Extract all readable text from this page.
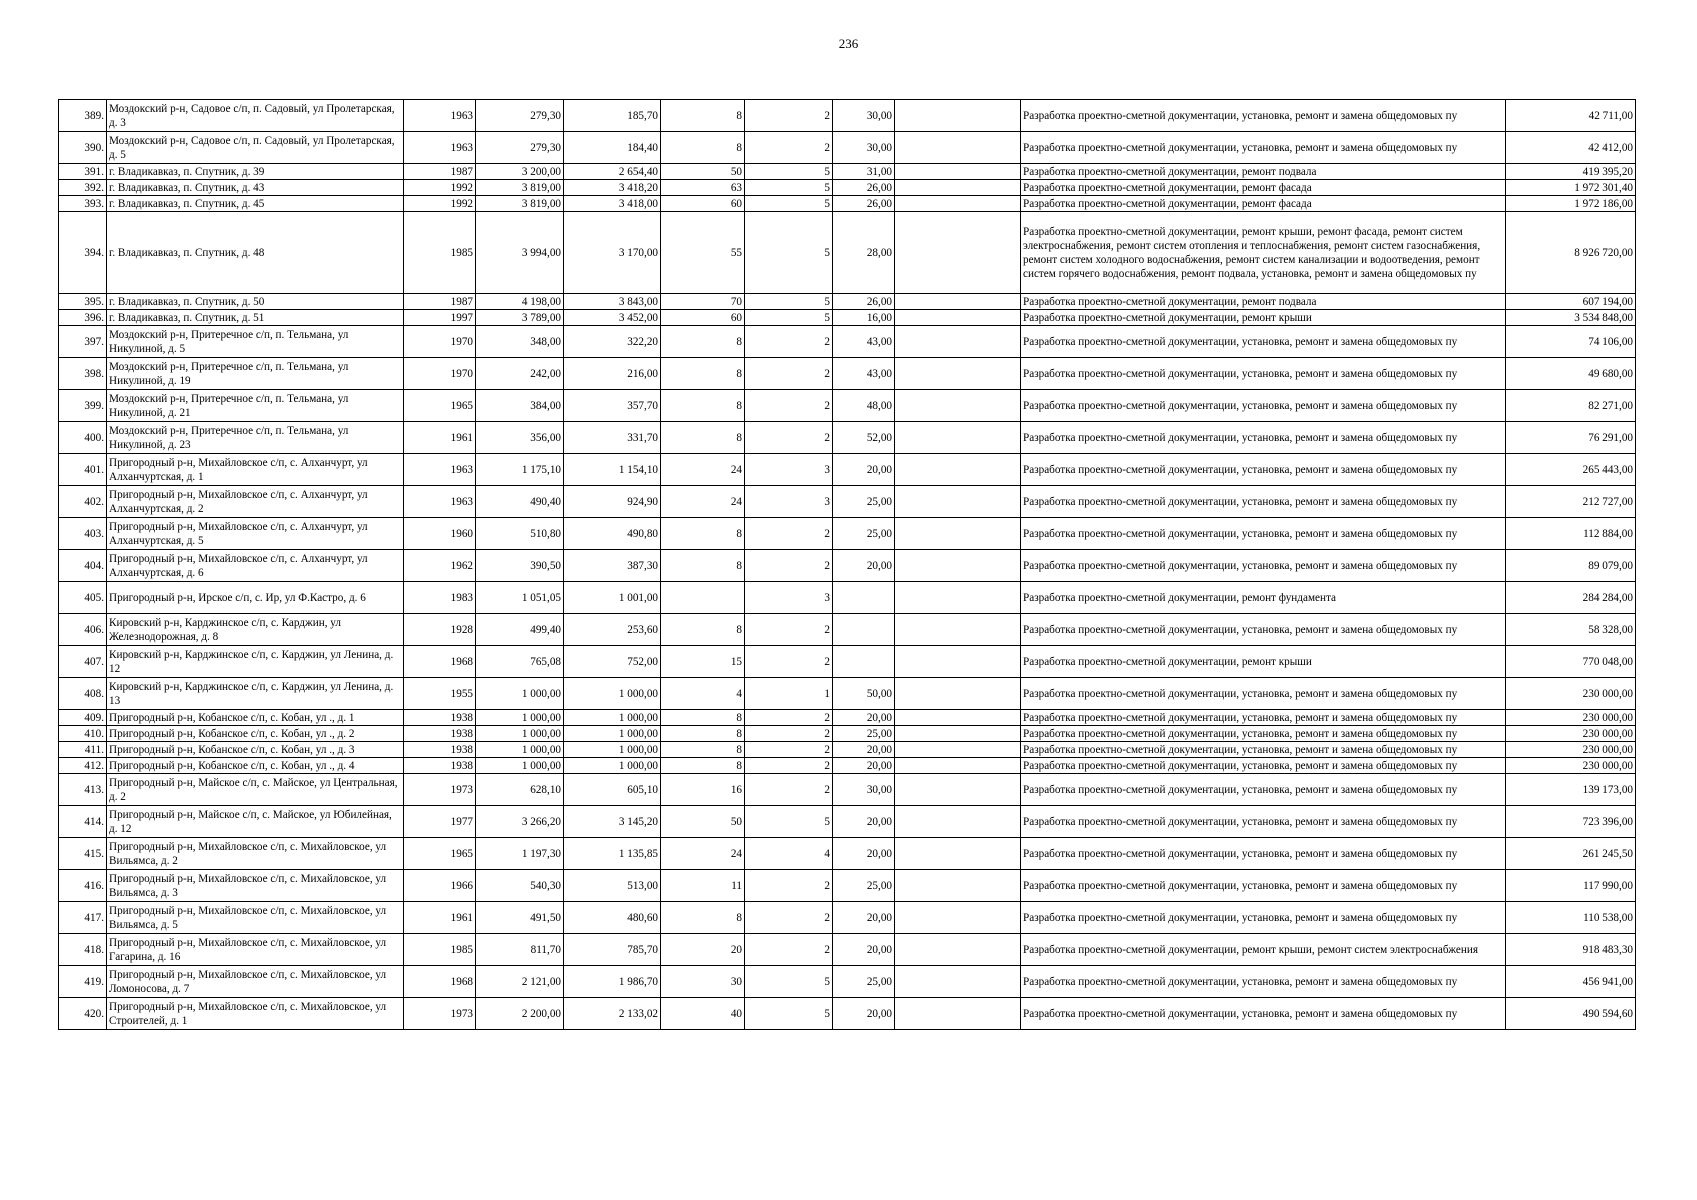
236
389.	Моздокский р-н, Садовое с/п, п. Садовый, ул Пролетарская, д. 3	1963	279,30	185,70	8	2	30,00		Разработка проектно-сметной документации, установка, ремонт и замена общедомовых пу	42 711,00
390.	Моздокский р-н, Садовое с/п, п. Садовый, ул Пролетарская, д. 5	1963	279,30	184,40	8	2	30,00		Разработка проектно-сметной документации, установка, ремонт и замена общедомовых пу	42 412,00
391.	г. Владикавказ, п. Спутник, д. 39	1987	3 200,00	2 654,40	50	5	31,00		Разработка проектно-сметной документации, ремонт подвала	419 395,20
392.	г. Владикавказ, п. Спутник, д. 43	1992	3 819,00	3 418,20	63	5	26,00		Разработка проектно-сметной документации, ремонт фасада	1 972 301,40
393.	г. Владикавказ, п. Спутник, д. 45	1992	3 819,00	3 418,00	60	5	26,00		Разработка проектно-сметной документации, ремонт фасада	1 972 186,00
394.	г. Владикавказ, п. Спутник, д. 48	1985	3 994,00	3 170,00	55	5	28,00		Разработка проектно-сметной документации, ремонт крыши, ремонт фасада, ремонт систем электроснабжения, ремонт систем отопления и теплоснабжения, ремонт систем газоснабжения, ремонт систем холодного водоснабжения, ремонт систем канализации и водоотведения, ремонт систем горячего водоснабжения, ремонт подвала, установка, ремонт и замена общедомовых пу	8 926 720,00
395.	г. Владикавказ, п. Спутник, д. 50	1987	4 198,00	3 843,00	70	5	26,00		Разработка проектно-сметной документации, ремонт подвала	607 194,00
396.	г. Владикавказ, п. Спутник, д. 51	1997	3 789,00	3 452,00	60	5	16,00		Разработка проектно-сметной документации, ремонт крыши	3 534 848,00
397.	Моздокский р-н, Притеречное с/п, п. Тельмана, ул Никулиной, д. 5	1970	348,00	322,20	8	2	43,00		Разработка проектно-сметной документации, установка, ремонт и замена общедомовых пу	74 106,00
398.	Моздокский р-н, Притеречное с/п, п. Тельмана, ул Никулиной, д. 19	1970	242,00	216,00	8	2	43,00		Разработка проектно-сметной документации, установка, ремонт и замена общедомовых пу	49 680,00
399.	Моздокский р-н, Притеречное с/п, п. Тельмана, ул Никулиной, д. 21	1965	384,00	357,70	8	2	48,00		Разработка проектно-сметной документации, установка, ремонт и замена общедомовых пу	82 271,00
400.	Моздокский р-н, Притеречное с/п, п. Тельмана, ул Никулиной, д. 23	1961	356,00	331,70	8	2	52,00		Разработка проектно-сметной документации, установка, ремонт и замена общедомовых пу	76 291,00
401.	Пригородный р-н, Михайловское с/п, с. Алханчурт, ул Алханчуртская, д. 1	1963	1 175,10	1 154,10	24	3	20,00		Разработка проектно-сметной документации, установка, ремонт и замена общедомовых пу	265 443,00
402.	Пригородный р-н, Михайловское с/п, с. Алханчурт, ул Алханчуртская, д. 2	1963	490,40	924,90	24	3	25,00		Разработка проектно-сметной документации, установка, ремонт и замена общедомовых пу	212 727,00
403.	Пригородный р-н, Михайловское с/п, с. Алханчурт, ул Алханчуртская, д. 5	1960	510,80	490,80	8	2	25,00		Разработка проектно-сметной документации, установка, ремонт и замена общедомовых пу	112 884,00
404.	Пригородный р-н, Михайловское с/п, с. Алханчурт, ул Алханчуртская, д. 6	1962	390,50	387,30	8	2	20,00		Разработка проектно-сметной документации, установка, ремонт и замена общедомовых пу	89 079,00
405.	Пригородный р-н, Ирское с/п, с. Ир, ул Ф.Кастро, д. 6	1983	1 051,05	1 001,00		3			Разработка проектно-сметной документации, ремонт фундамента	284 284,00
406.	Кировский р-н, Карджинское с/п, с. Карджин, ул Железнодорожная, д. 8	1928	499,40	253,60	8	2			Разработка проектно-сметной документации, установка, ремонт и замена общедомовых пу	58 328,00
407.	Кировский р-н, Карджинское с/п, с. Карджин, ул Ленина, д. 12	1968	765,08	752,00	15	2			Разработка проектно-сметной документации, ремонт крыши	770 048,00
408.	Кировский р-н, Карджинское с/п, с. Карджин, ул Ленина, д. 13	1955	1 000,00	1 000,00	4	1	50,00		Разработка проектно-сметной документации, установка, ремонт и замена общедомовых пу	230 000,00
409.	Пригородный р-н, Кобанское с/п, с. Кобан, ул ., д. 1	1938	1 000,00	1 000,00	8	2	20,00		Разработка проектно-сметной документации, установка, ремонт и замена общедомовых пу	230 000,00
410.	Пригородный р-н, Кобанское с/п, с. Кобан, ул ., д. 2	1938	1 000,00	1 000,00	8	2	25,00		Разработка проектно-сметной документации, установка, ремонт и замена общедомовых пу	230 000,00
411.	Пригородный р-н, Кобанское с/п, с. Кобан, ул ., д. 3	1938	1 000,00	1 000,00	8	2	20,00		Разработка проектно-сметной документации, установка, ремонт и замена общедомовых пу	230 000,00
412.	Пригородный р-н, Кобанское с/п, с. Кобан, ул ., д. 4	1938	1 000,00	1 000,00	8	2	20,00		Разработка проектно-сметной документации, установка, ремонт и замена общедомовых пу	230 000,00
413.	Пригородный р-н, Майское с/п, с. Майское, ул Центральная, д. 2	1973	628,10	605,10	16	2	30,00		Разработка проектно-сметной документации, установка, ремонт и замена общедомовых пу	139 173,00
414.	Пригородный р-н, Майское с/п, с. Майское, ул Юбилейная, д. 12	1977	3 266,20	3 145,20	50	5	20,00		Разработка проектно-сметной документации, установка, ремонт и замена общедомовых пу	723 396,00
415.	Пригородный р-н, Михайловское с/п, с. Михайловское, ул Вильямса, д. 2	1965	1 197,30	1 135,85	24	4	20,00		Разработка проектно-сметной документации, установка, ремонт и замена общедомовых пу	261 245,50
416.	Пригородный р-н, Михайловское с/п, с. Михайловское, ул Вильямса, д. 3	1966	540,30	513,00	11	2	25,00		Разработка проектно-сметной документации, установка, ремонт и замена общедомовых пу	117 990,00
417.	Пригородный р-н, Михайловское с/п, с. Михайловское, ул Вильямса, д. 5	1961	491,50	480,60	8	2	20,00		Разработка проектно-сметной документации, установка, ремонт и замена общедомовых пу	110 538,00
418.	Пригородный р-н, Михайловское с/п, с. Михайловское, ул Гагарина, д. 16	1985	811,70	785,70	20	2	20,00		Разработка проектно-сметной документации, ремонт крыши, ремонт систем электроснабжения	918 483,30
419.	Пригородный р-н, Михайловское с/п, с. Михайловское, ул Ломоносова, д. 7	1968	2 121,00	1 986,70	30	5	25,00		Разработка проектно-сметной документации, установка, ремонт и замена общедомовых пу	456 941,00
420.	Пригородный р-н, Михайловское с/п, с. Михайловское, ул Строителей, д. 1	1973	2 200,00	2 133,02	40	5	20,00		Разработка проектно-сметной документации, установка, ремонт и замена общедомовых пу	490 594,60
